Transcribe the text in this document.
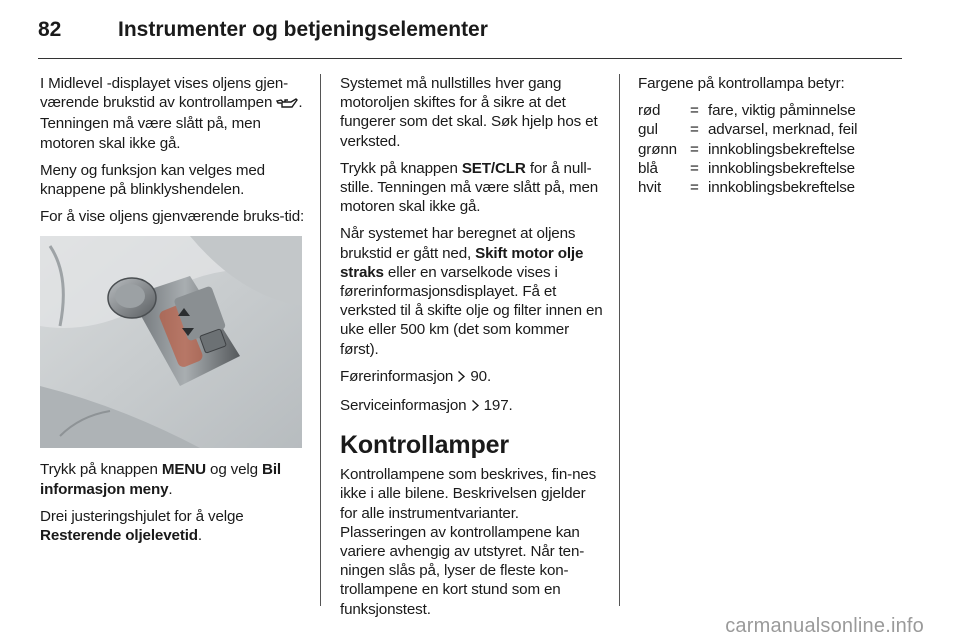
82	Instrumenter og betjeningselementer

I Midlevel -displayet vises oljens gjen-værende brukstid av kontrollampen . Tenningen må være slått på, men motoren skal ikke gå.

Meny og funksjon kan velges med knappene på blinklyshendelen.

For å vise oljens gjenværende bruks-tid:

Trykk på knappen MENU og velg Bil informasjon meny.

Drei justeringshjulet for å velge Resterende oljelevetid.

Systemet må nullstilles hver gang motoroljen skiftes for å sikre at det fungerer som det skal. Søk hjelp hos et verksted.

Trykk på knappen SET/CLR for å null-stille. Tenningen må være slått på, men motoren skal ikke gå.

Når systemet har beregnet at oljens brukstid er gått ned, Skift motor olje straks eller en varselkode vises i førerinformasjonsdisplayet. Få et verksted til å skifte olje og filter innen en uke eller 500 km (det som kommer først).

Førerinformasjon  90.

Serviceinformasjon  197.

Kontrollamper

Kontrollampene som beskrives, fin-nes ikke i alle bilene. Beskrivelsen gjelder for alle instrumentvarianter. Plasseringen av kontrollampene kan variere avhengig av utstyret. Når ten-ningen slås på, lyser de fleste kon-trollampene en kort stund som en funksjonstest.

Fargene på kontrollampa betyr:

rød	=	fare, viktig påminnelse
gul	=	advarsel, merknad, feil
grønn	=	innkoblingsbekreftelse
blå	=	innkoblingsbekreftelse
hvit	=	innkoblingsbekreftelse
carmanualsonline.info
